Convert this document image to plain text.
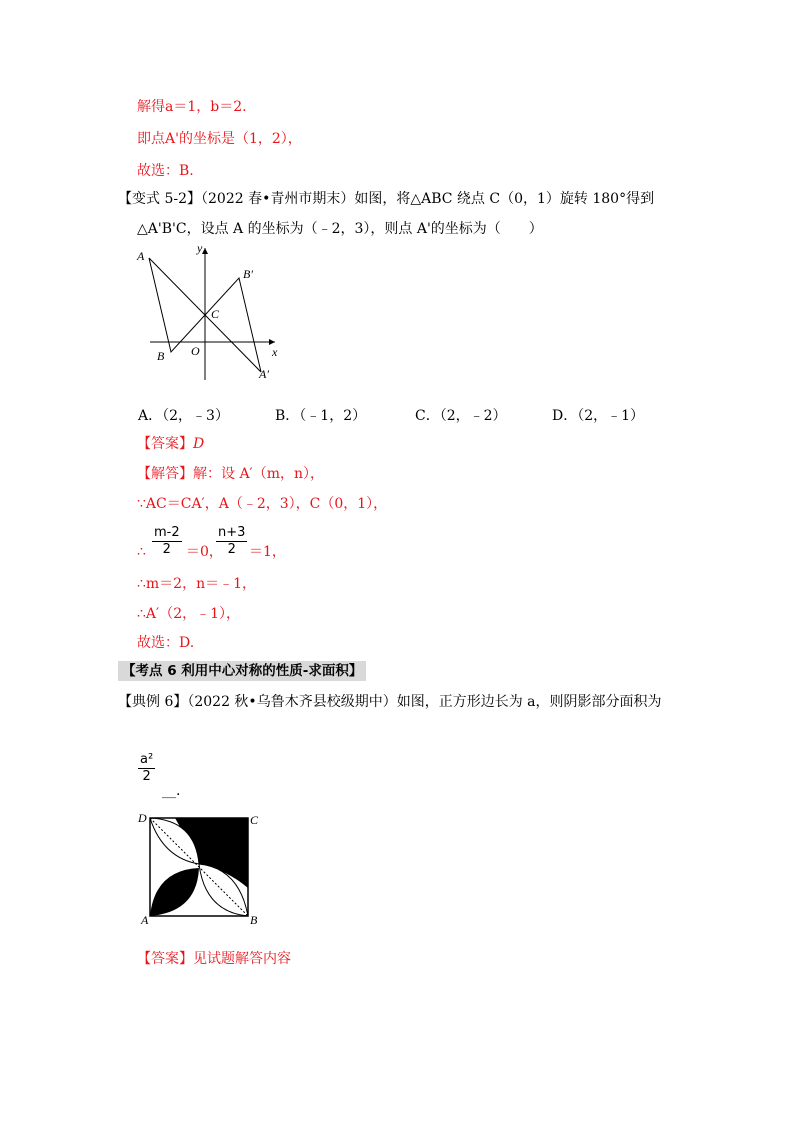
解得a＝1，b＝2.
即点A'的坐标是（1，2），
故选：B.
【变式 5-2】（2022 春•青州市期末）如图，将△ABC 绕点 C（0，1）旋转 180°得到
△A'B'C，设点 A 的坐标为（﹣2，3），则点 A'的坐标为（　　）
A
B
B′
C
A′
O	x
y
A．（2，﹣3）	B．（﹣1，2）	C．（2，﹣2）	D．（2，﹣1）
【答案】D
【解答】解：设 A′（m，n），
∵AC＝CA′，A（﹣2，3），C（0，1），
$\frac{m-2}{2}$	$\frac{n+3}{2}$
∴	＝0， ＝1，
∴m＝2，n＝﹣1，
∴A′（2，﹣1），
故选：D.
【考点 6 利用中心对称的性质-求面积】
【典例 6】（2022 秋•乌鲁木齐县校级期中）如图，正方形边长为 a，则阴影部分面积为
$\frac{\text{a²}}{2}$
__.
D	C
A	B
【答案】见试题解答内容
